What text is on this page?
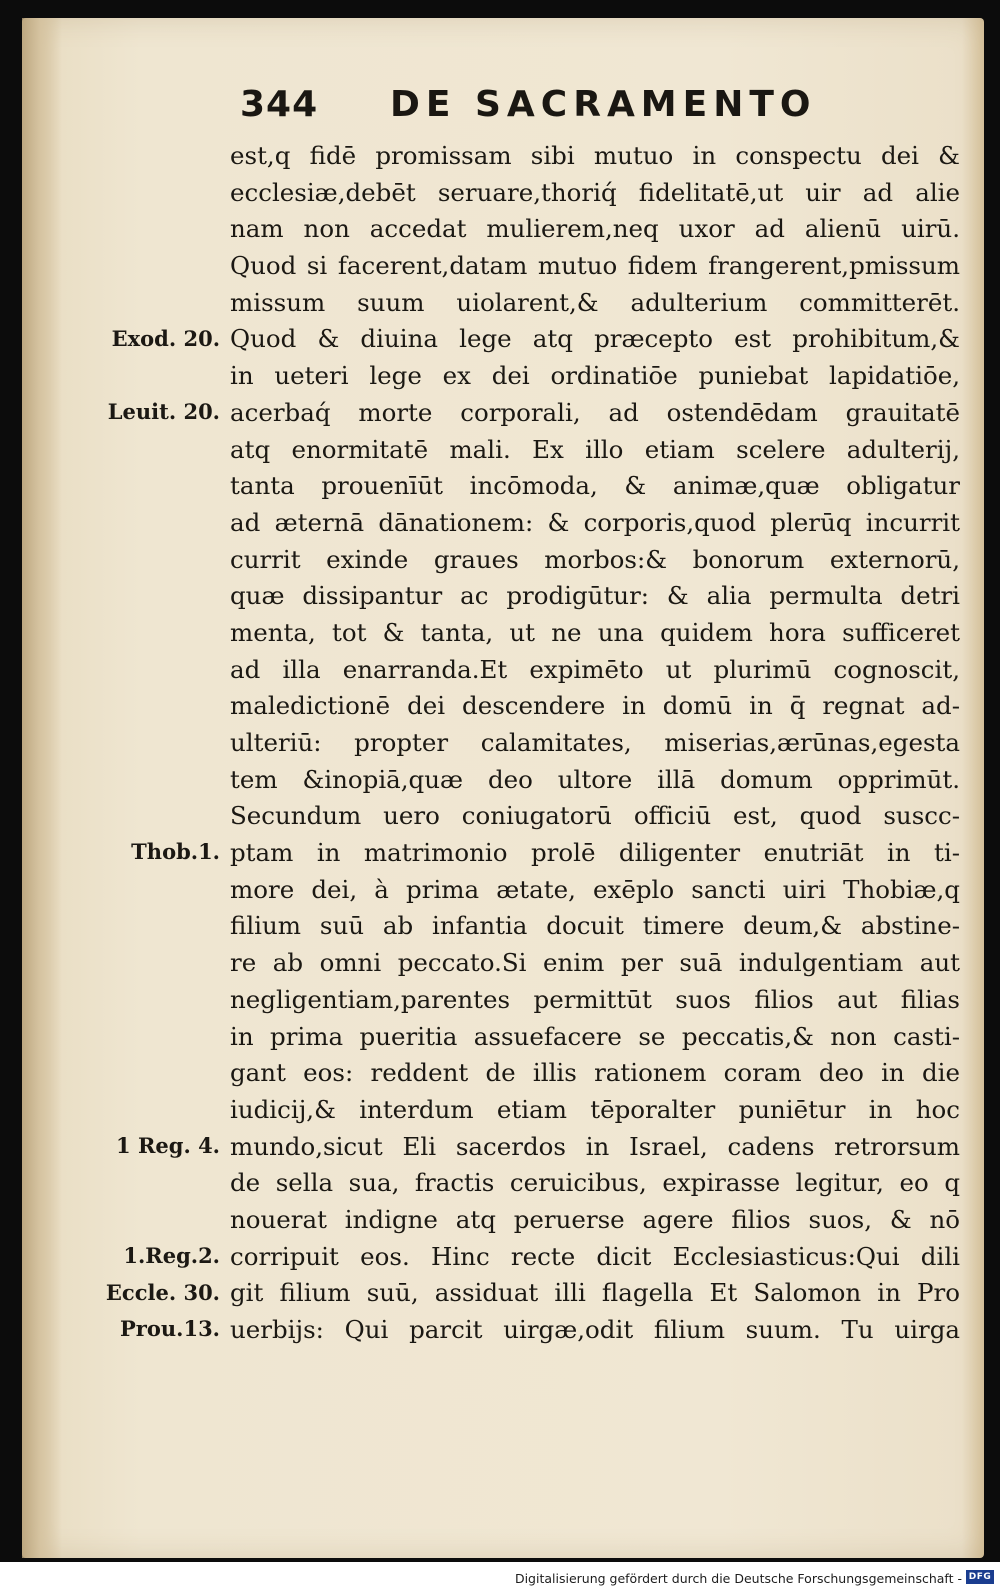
344 DE SACRAMENTO
Exod. 20.
Leuit. 20.
Thob.1.
1 Reg. 4.
1.Reg.2.
Eccle. 30.
Prou.13.
est,q fidē promissam sibi mutuo in conspectu dei &
ecclesiæ,debēt seruare,thoriq́ fidelitatē,ut uir ad alie
nam non accedat mulierem,neq uxor ad alienū uirū.
Quod si facerent,datam mutuo fidem frangerent,pmissum
missum suum uiolarent,& adulterium committerēt.
Quod & diuina lege atq præcepto est prohibitum,&
in ueteri lege ex dei ordinatiōe puniebat lapidatiōe,
acerbaq́ morte corporali, ad ostendēdam grauitatē
atq enormitatē mali. Ex illo etiam scelere adulterij,
tanta prouenīūt incōmoda, & animæ,quæ obligatur
ad æternā dānationem: & corporis,quod plerūq incurrit
currit exinde graues morbos:& bonorum externorū,
quæ dissipantur ac prodigūtur: & alia permulta detri
menta, tot & tanta, ut ne una quidem hora sufficeret
ad illa enarranda.Et expimēto ut plurimū cognoscit,
maledictionē dei descendere in domū in q̄ regnat ad-
ulteriū: propter calamitates, miserias,ærūnas,egesta
tem &inopiā,quæ deo ultore illā domum opprimūt.
Secundum uero coniugatorū officiū est, quod suscc-
ptam in matrimonio prolē diligenter enutriāt in ti-
more dei, à prima ætate, exēplo sancti uiri Thobiæ,q
filium suū ab infantia docuit timere deum,& abstine-
re ab omni peccato.Si enim per suā indulgentiam aut
negligentiam,parentes permittūt suos filios aut filias
in prima pueritia assuefacere se peccatis,& non casti-
gant eos: reddent de illis rationem coram deo in die
iudicij,& interdum etiam tēporalter puniētur in hoc
mundo,sicut Eli sacerdos in Israel, cadens retrorsum
de sella sua, fractis ceruicibus, expirasse legitur, eo q
nouerat indigne atq peruerse agere filios suos, & nō
corripuit eos. Hinc recte dicit Ecclesiasticus:Qui dili
git filium suū, assiduat illi flagella Et Salomon in Pro
uerbijs: Qui parcit uirgæ,odit filium suum. Tu uirga
Digitalisierung gefördert durch die Deutsche Forschungsgemeinschaft - DFG
